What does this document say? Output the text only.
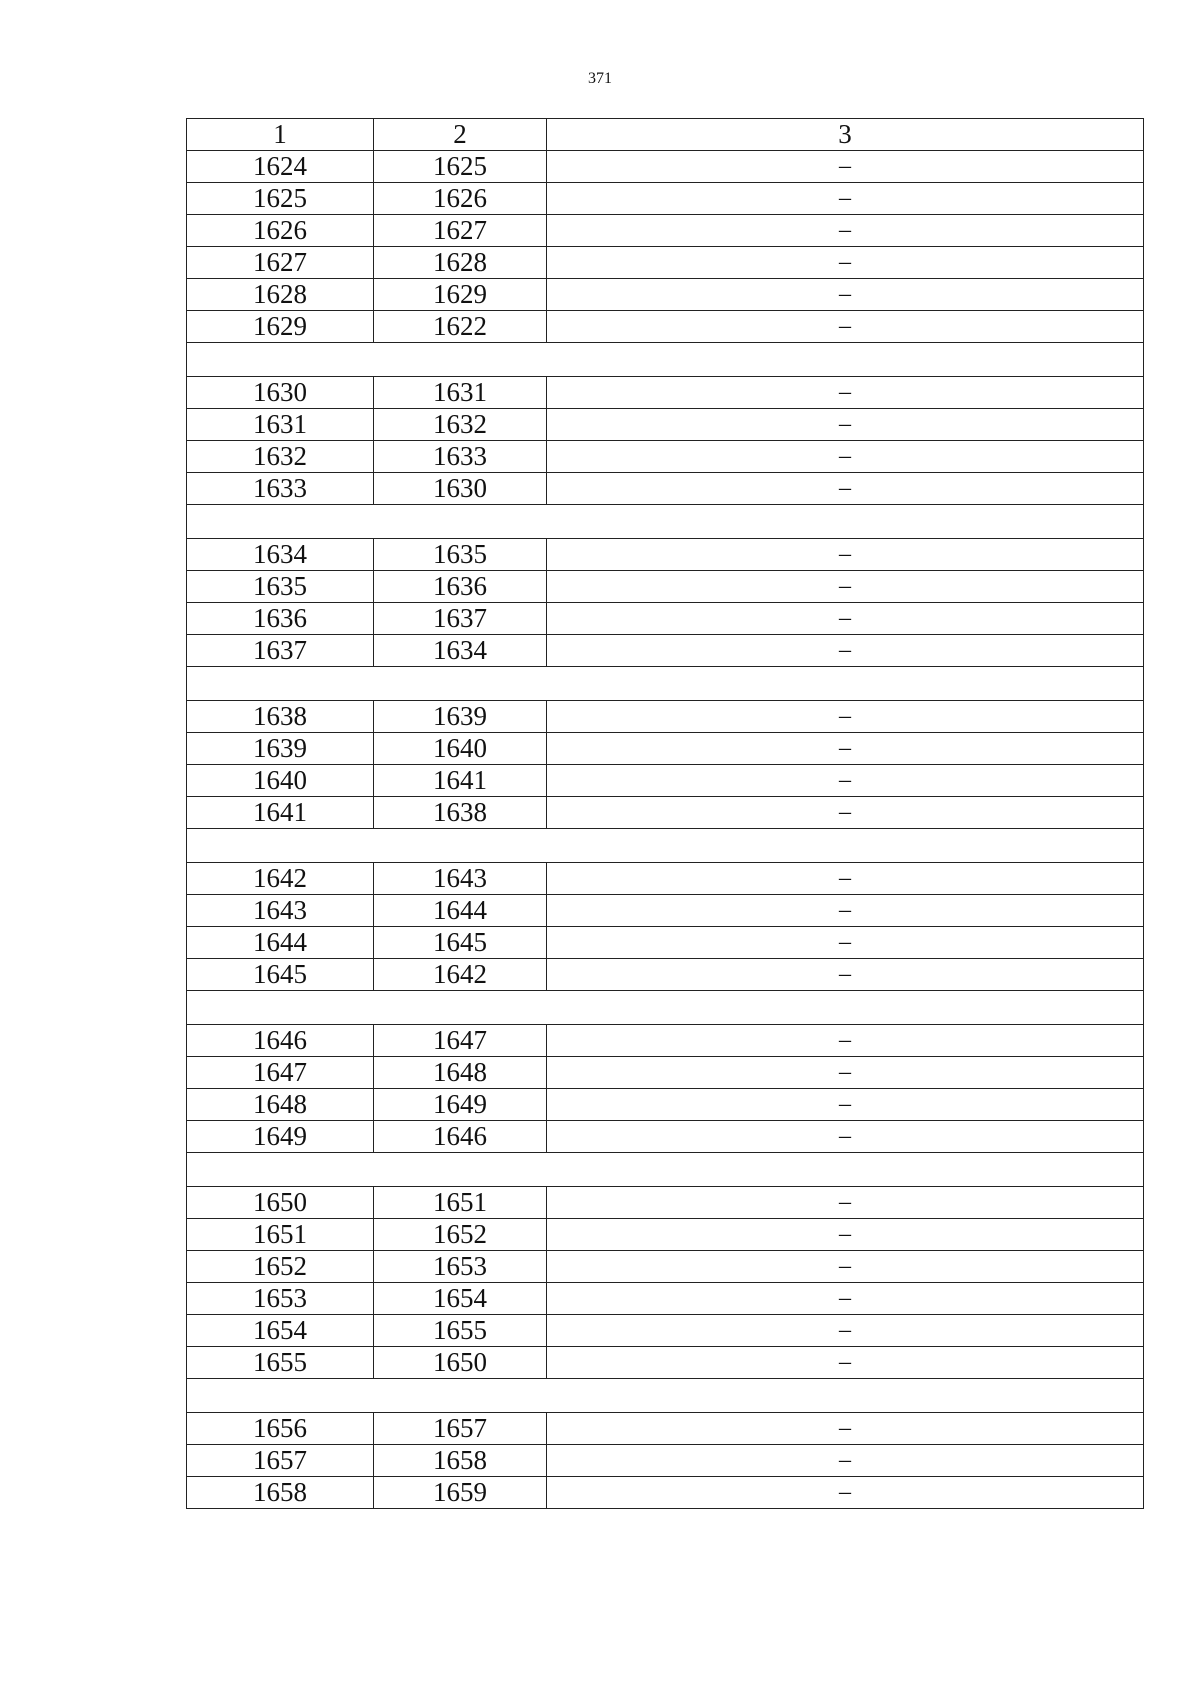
371
1	2	3
1624	1625	–
1625	1626	–
1626	1627	–
1627	1628	–
1628	1629	–
1629	1622	–

1630	1631	–
1631	1632	–
1632	1633	–
1633	1630	–

1634	1635	–
1635	1636	–
1636	1637	–
1637	1634	–

1638	1639	–
1639	1640	–
1640	1641	–
1641	1638	–

1642	1643	–
1643	1644	–
1644	1645	–
1645	1642	–

1646	1647	–
1647	1648	–
1648	1649	–
1649	1646	–

1650	1651	–
1651	1652	–
1652	1653	–
1653	1654	–
1654	1655	–
1655	1650	–

1656	1657	–
1657	1658	–
1658	1659	–
